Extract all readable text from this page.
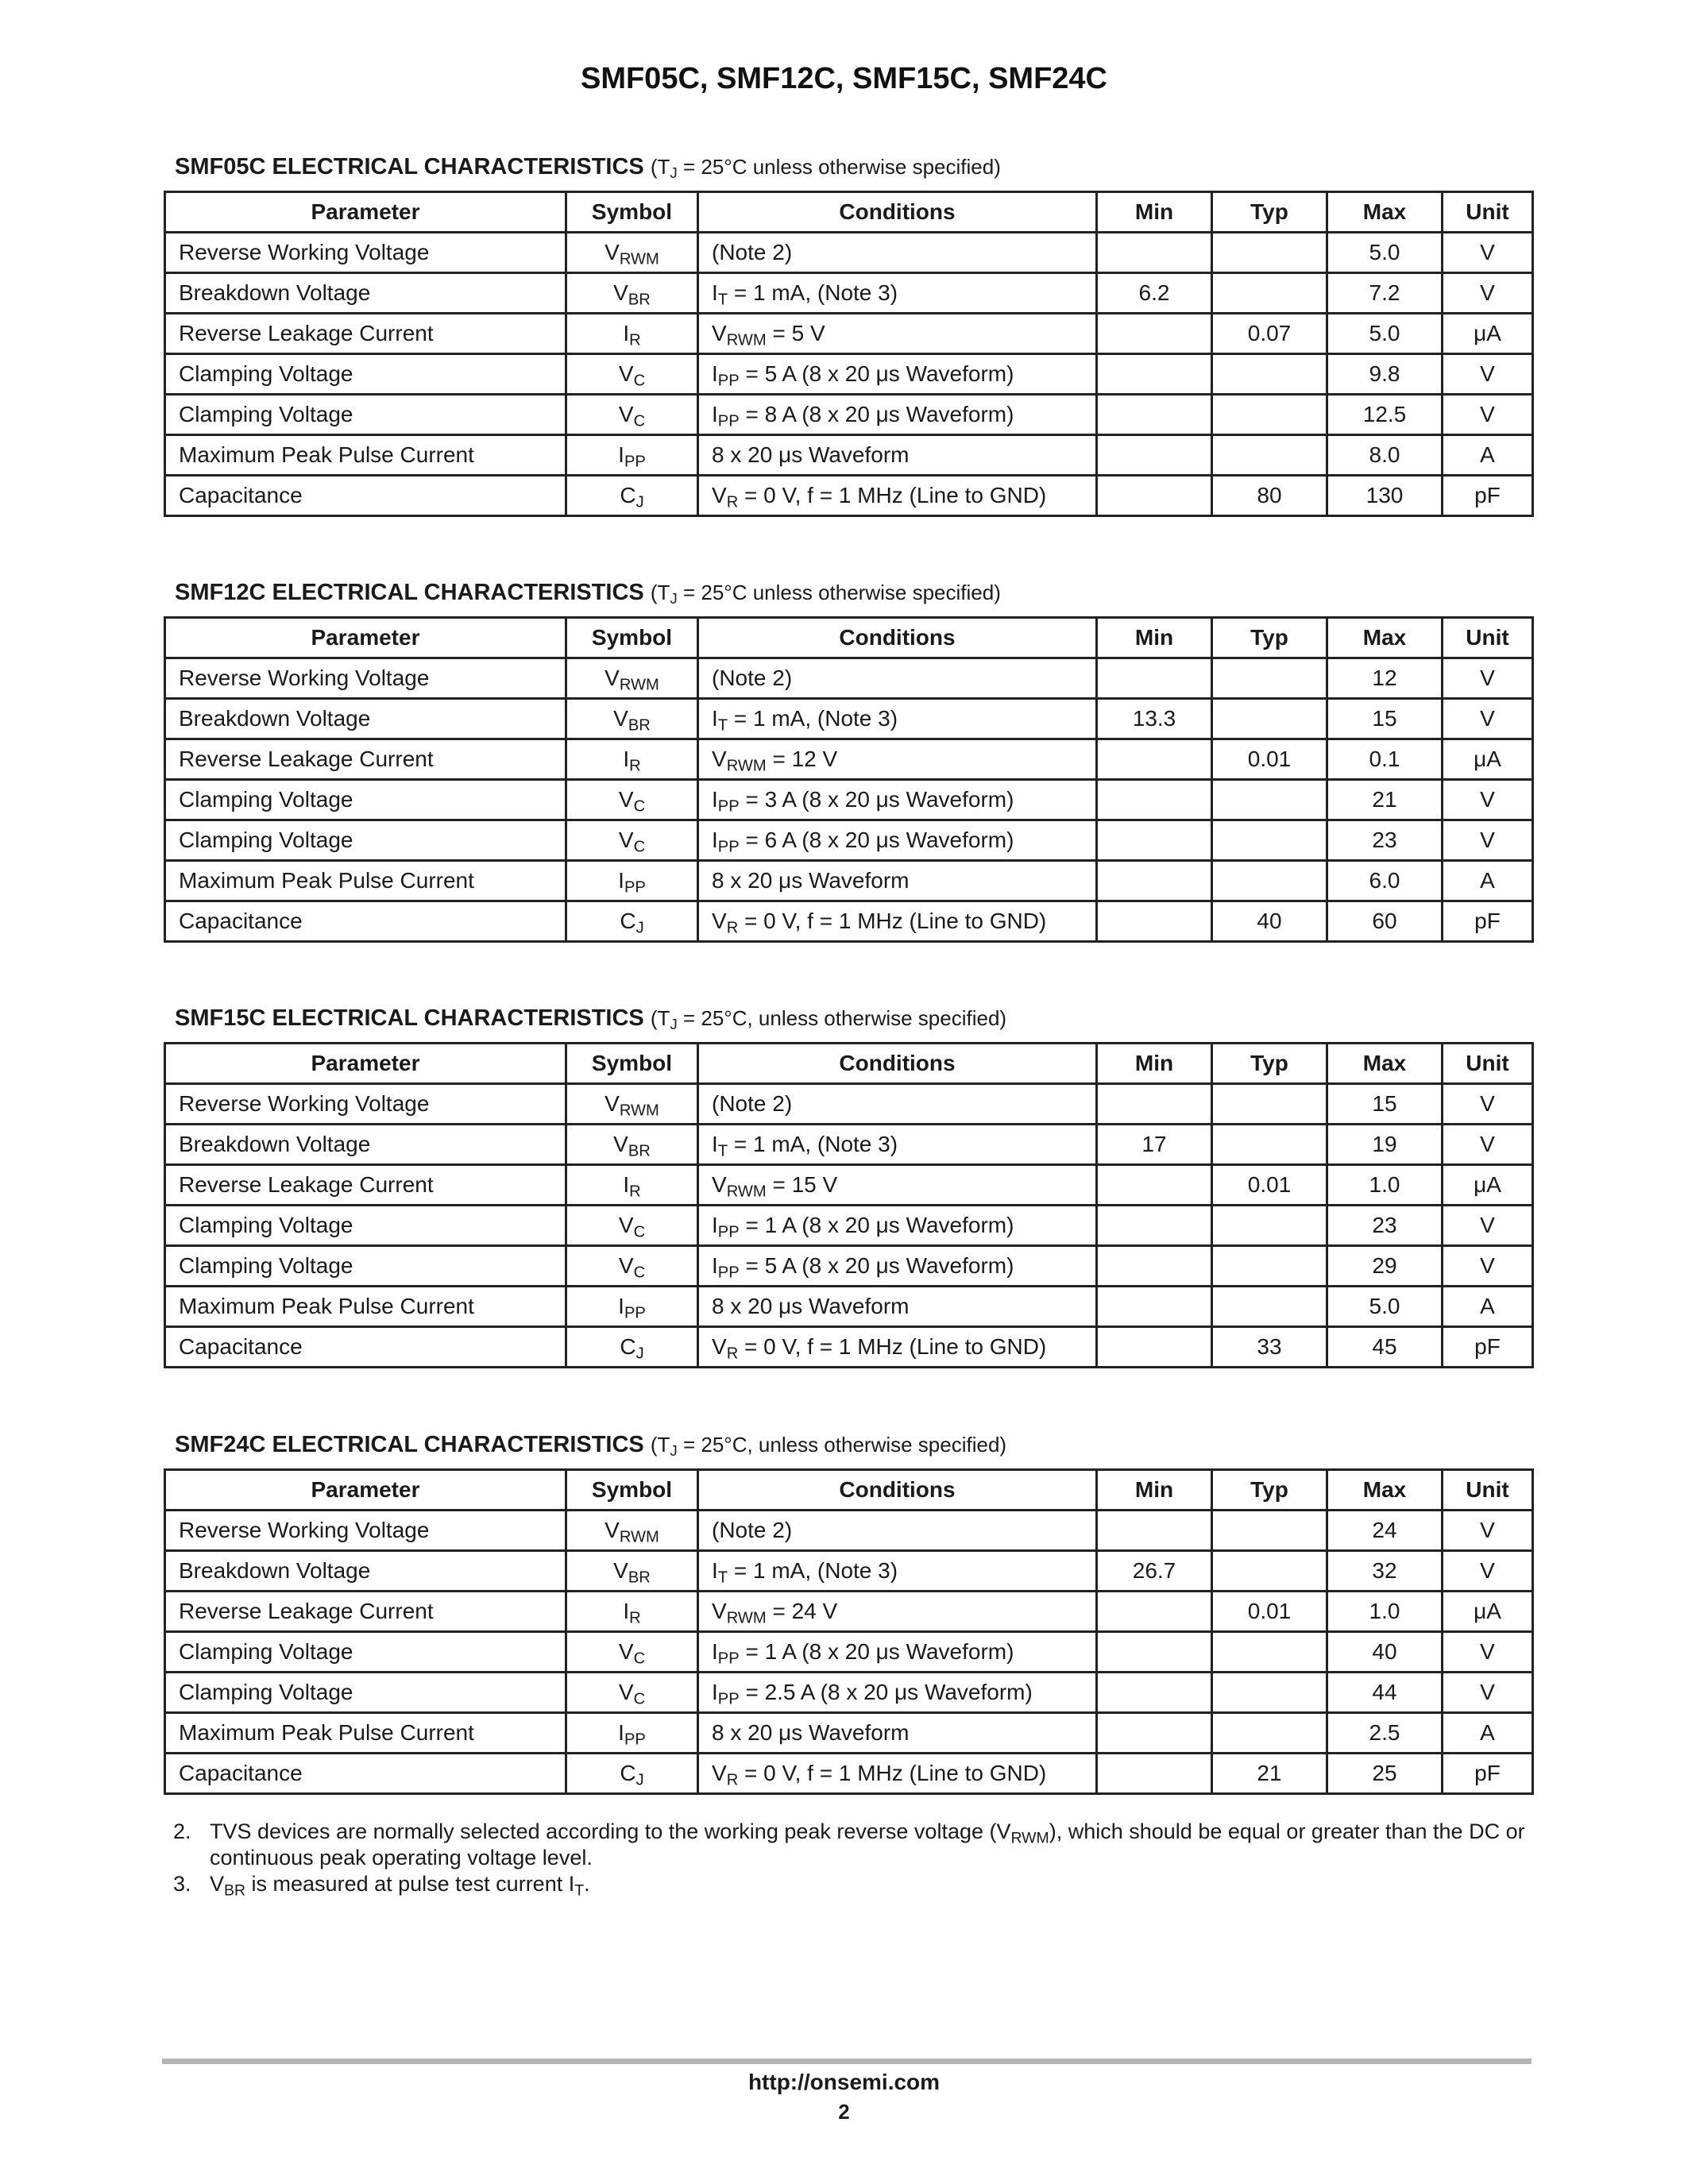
SMF05C, SMF12C, SMF15C, SMF24C
SMF05C ELECTRICAL CHARACTERISTICS ($T_J = 25^\circ C$ unless otherwise specified)
Parameter	Symbol	Conditions	Min	Typ	Max	Unit
Reverse Working Voltage	$V_{RWM}$	(Note 2)			5.0	V
Breakdown Voltage	$V_{BR}$	$I_T = 1$ mA, (Note 3)	6.2		7.2	V
Reverse Leakage Current	$I_R$	$V_{RWM} = 5$ V		0.07	5.0	μA
Clamping Voltage	$V_C$	$I_{PP} = 5$ A (8 x 20 μs Waveform)			9.8	V
Clamping Voltage	$V_C$	$I_{PP} = 8$ A (8 x 20 μs Waveform)			12.5	V
Maximum Peak Pulse Current	$I_{PP}$	8 x 20 μs Waveform			8.0	A
Capacitance	$C_J$	$V_R = 0$ V, f = 1 MHz (Line to GND)		80	130	pF
SMF12C ELECTRICAL CHARACTERISTICS ($T_J = 25^\circ C$ unless otherwise specified)
Parameter	Symbol	Conditions	Min	Typ	Max	Unit
Reverse Working Voltage	$V_{RWM}$	(Note 2)			12	V
Breakdown Voltage	$V_{BR}$	$I_T = 1$ mA, (Note 3)	13.3		15	V
Reverse Leakage Current	$I_R$	$V_{RWM} = 12$ V		0.01	0.1	μA
Clamping Voltage	$V_C$	$I_{PP} = 3$ A (8 x 20 μs Waveform)			21	V
Clamping Voltage	$V_C$	$I_{PP} = 6$ A (8 x 20 μs Waveform)			23	V
Maximum Peak Pulse Current	$I_{PP}$	8 x 20 μs Waveform			6.0	A
Capacitance	$C_J$	$V_R = 0$ V, f = 1 MHz (Line to GND)		40	60	pF
SMF15C ELECTRICAL CHARACTERISTICS ($T_J = 25^\circ C$, unless otherwise specified)
Parameter	Symbol	Conditions	Min	Typ	Max	Unit
Reverse Working Voltage	$V_{RWM}$	(Note 2)			15	V
Breakdown Voltage	$V_{BR}$	$I_T = 1$ mA, (Note 3)	17		19	V
Reverse Leakage Current	$I_R$	$V_{RWM} = 15$ V		0.01	1.0	μA
Clamping Voltage	$V_C$	$I_{PP} = 1$ A (8 x 20 μs Waveform)			23	V
Clamping Voltage	$V_C$	$I_{PP} = 5$ A (8 x 20 μs Waveform)			29	V
Maximum Peak Pulse Current	$I_{PP}$	8 x 20 μs Waveform			5.0	A
Capacitance	$C_J$	$V_R = 0$ V, f = 1 MHz (Line to GND)		33	45	pF
SMF24C ELECTRICAL CHARACTERISTICS ($T_J = 25^\circ C$, unless otherwise specified)
Parameter	Symbol	Conditions	Min	Typ	Max	Unit
Reverse Working Voltage	$V_{RWM}$	(Note 2)			24	V
Breakdown Voltage	$V_{BR}$	$I_T = 1$ mA, (Note 3)	26.7		32	V
Reverse Leakage Current	$I_R$	$V_{RWM} = 24$ V		0.01	1.0	μA
Clamping Voltage	$V_C$	$I_{PP} = 1$ A (8 x 20 μs Waveform)			40	V
Clamping Voltage	$V_C$	$I_{PP} = 2.5$ A (8 x 20 μs Waveform)			44	V
Maximum Peak Pulse Current	$I_{PP}$	8 x 20 μs Waveform			2.5	A
Capacitance	$C_J$	$V_R = 0$ V, f = 1 MHz (Line to GND)		21	25	pF
2. TVS devices are normally selected according to the working peak reverse voltage $(V_{RWM})$, which should be equal or greater than the DC or continuous peak operating voltage level.
3. $V_{BR}$ is measured at pulse test current $I_T$.
http://onsemi.com
2
